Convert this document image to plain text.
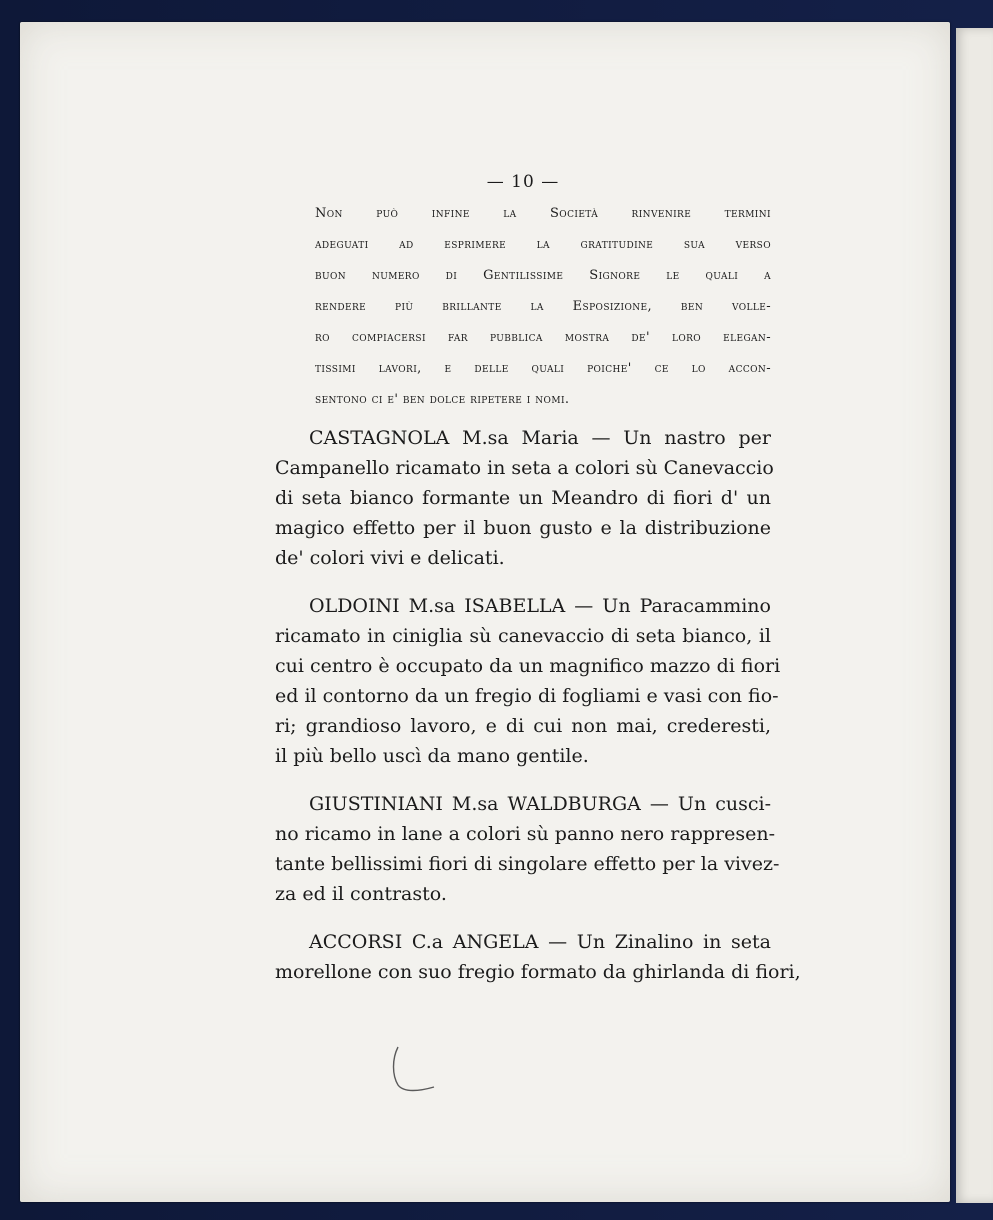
— 10 —
Non può infine la Società rinvenire termini
adeguati ad esprimere la gratitudine sua verso
buon numero di Gentilissime Signore le quali a
rendere più brillante la Esposizione, ben volle-
ro compiacersi far pubblica mostra de' loro elegan-
tissimi lavori, e delle quali poiche' ce lo accon-
sentono ci e' ben dolce ripetere i nomi.
CASTAGNOLA M.sa Maria — Un nastro per
Campanello ricamato in seta a colori sù Canevaccio
di seta bianco formante un Meandro di fiori d' un
magico effetto per il buon gusto e la distribuzione
de' colori vivi e delicati.
OLDOINI M.sa ISABELLA — Un Paracammino
ricamato in ciniglia sù canevaccio di seta bianco, il
cui centro è occupato da un magnifico mazzo di fiori
ed il contorno da un fregio di fogliami e vasi con fio-
ri; grandioso lavoro, e di cui non mai, crederesti,
il più bello uscì da mano gentile.
GIUSTINIANI M.sa WALDBURGA — Un cusci-
no ricamo in lane a colori sù panno nero rappresen-
tante bellissimi fiori di singolare effetto per la vivez-
za ed il contrasto.
ACCORSI C.a ANGELA — Un Zinalino in seta
morellone con suo fregio formato da ghirlanda di fiori,
